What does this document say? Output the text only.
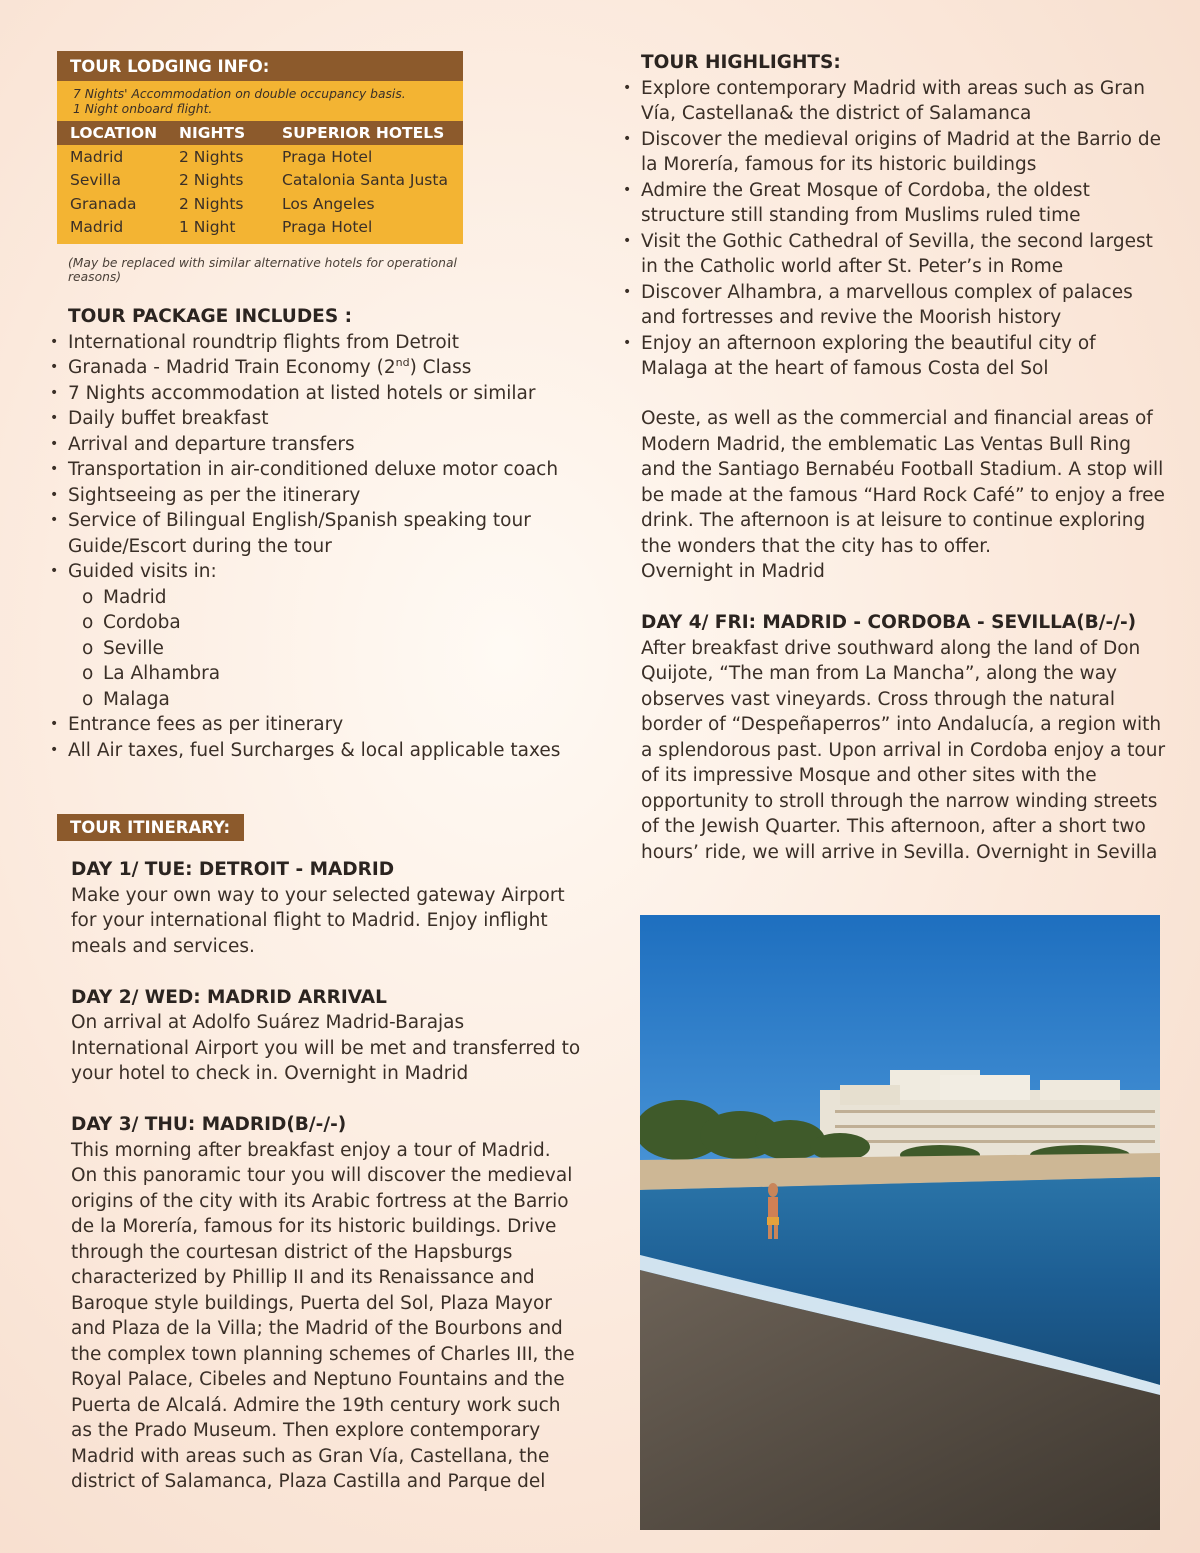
TOUR LODGING INFO:
7 Nights' Accommodation on double occupancy basis.
1 Night onboard flight.
LOCATION	NIGHTS	SUPERIOR HOTELS
Madrid	2 Nights	Praga Hotel
Sevilla	2 Nights	Catalonia Santa Justa
Granada	2 Nights	Los Angeles
Madrid	1 Night	Praga Hotel
(May be replaced with similar alternative hotels for operational reasons)
TOUR PACKAGE INCLUDES :
• International roundtrip flights from Detroit
• Granada - Madrid Train Economy (2nd) Class
• 7 Nights accommodation at listed hotels or similar
• Daily buffet breakfast
• Arrival and departure transfers
• Transportation in air-conditioned deluxe motor coach
• Sightseeing as per the itinerary
• Service of Bilingual English/Spanish speaking tour Guide/Escort during the tour
• Guided visits in:
o Madrid
o Cordoba
o Seville
o La Alhambra
o Malaga
• Entrance fees as per itinerary
• All Air taxes, fuel Surcharges & local applicable taxes
TOUR ITINERARY:
DAY 1/ TUE: DETROIT - MADRID
Make your own way to your selected gateway Airport for your international flight to Madrid. Enjoy inflight meals and services.
DAY 2/ WED: MADRID ARRIVAL
On arrival at Adolfo Suárez Madrid-Barajas International Airport you will be met and transferred to your hotel to check in. Overnight in Madrid
DAY 3/ THU: MADRID(B/-/-)
This morning after breakfast enjoy a tour of Madrid. On this panoramic tour you will discover the medieval origins of the city with its Arabic fortress at the Barrio de la Morería, famous for its historic buildings. Drive through the courtesan district of the Hapsburgs characterized by Phillip II and its Renaissance and Baroque style buildings, Puerta del Sol, Plaza Mayor and Plaza de la Villa; the Madrid of the Bourbons and the complex town planning schemes of Charles III, the Royal Palace, Cibeles and Neptuno Fountains and the Puerta de Alcalá. Admire the 19th century work such as the Prado Museum. Then explore contemporary Madrid with areas such as Gran Vía, Castellana, the district of Salamanca, Plaza Castilla and Parque del
TOUR HIGHLIGHTS:
• Explore contemporary Madrid with areas such as Gran Vía, Castellana& the district of Salamanca
• Discover the medieval origins of Madrid at the Barrio de la Morería, famous for its historic buildings
• Admire the Great Mosque of Cordoba, the oldest structure still standing from Muslims ruled time
• Visit the Gothic Cathedral of Sevilla, the second largest in the Catholic world after St. Peter’s in Rome
• Discover Alhambra, a marvellous complex of palaces and fortresses and revive the Moorish history
• Enjoy an afternoon exploring the beautiful city of Malaga at the heart of famous Costa del Sol
Oeste, as well as the commercial and financial areas of Modern Madrid, the emblematic Las Ventas Bull Ring and the Santiago Bernabéu Football Stadium. A stop will be made at the famous “Hard Rock Café” to enjoy a free drink. The afternoon is at leisure to continue exploring the wonders that the city has to offer.
Overnight in Madrid
DAY 4/ FRI: MADRID - CORDOBA - SEVILLA(B/-/-)
After breakfast drive southward along the land of Don Quijote, “The man from La Mancha”, along the way observes vast vineyards. Cross through the natural border of “Despeñaperros” into Andalucía, a region with a splendorous past. Upon arrival in Cordoba enjoy a tour of its impressive Mosque and other sites with the opportunity to stroll through the narrow winding streets of the Jewish Quarter. This afternoon, after a short two hours’ ride, we will arrive in Sevilla. Overnight in Sevilla
